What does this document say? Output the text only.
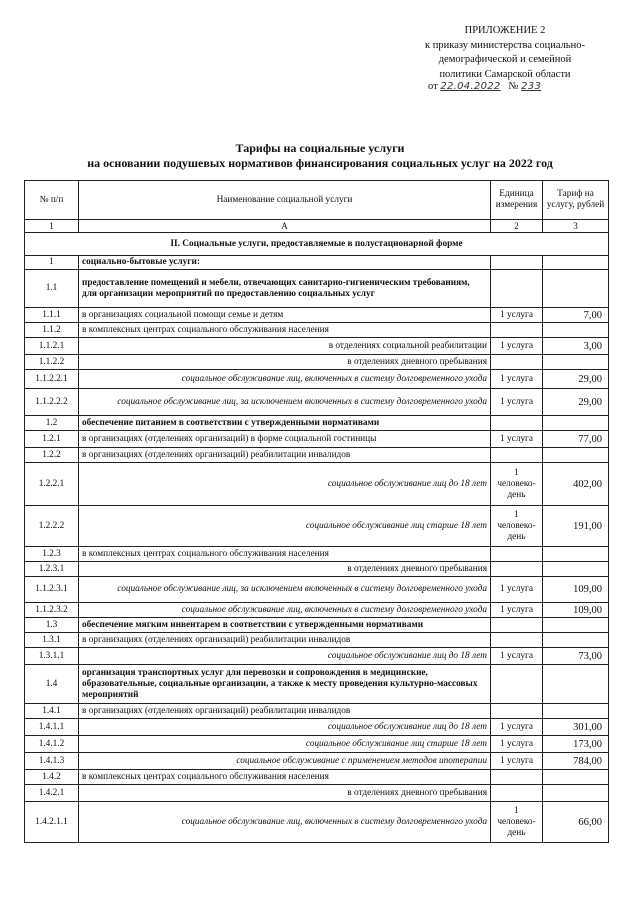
ПРИЛОЖЕНИЕ 2
к приказу министерства социально-
демографической и семейной
политики Самарской области
от 22.04.2022 № 233
Тарифы на социальные услуги
на основании подушевых нормативов финансирования социальных услуг на 2022 год
№ п/п	Наименование социальной услуги	Единица измерения	Тариф на услугу, рублей
1	А	2	3
II. Социальные услуги, предоставляемые в полустационарной форме			
1	социально-бытовые услуги:		
1.1	предоставление помещений и мебели, отвечающих санитарно-гигиеническим требованиям, для организации мероприятий по предоставлению социальных услуг		
1.1.1	в организациях социальной помощи семье и детям	1 услуга	7,00
1.1.2	в комплексных центрах социального обслуживания населения		
1.1.2.1	в отделениях социальной реабилитации	1 услуга	3,00
1.1.2.2	в отделениях дневного пребывания		
1.1.2.2.1	социальное обслуживание лиц, включенных в систему долговременного ухода	1 услуга	29,00
1.1.2.2.2	социальное обслуживание лиц, за исключением включенных в систему долговременного ухода	1 услуга	29,00
1.2	обеспечение питанием в соответствии с утвержденными нормативами		
1.2.1	в организациях (отделениях организаций) в форме социальной гостиницы	1 услуга	77,00
1.2.2	в организациях (отделениях организаций) реабилитации инвалидов		
1.2.2.1	социальное обслуживание лиц до 18 лет	1 человеко-день	402,00
1.2.2.2	социальное обслуживание лиц старше 18 лет	1 человеко-день	191,00
1.2.3	в комплексных центрах социального обслуживания населения		
1.2.3.1	в отделениях дневного пребывания		
1.1.2.3.1	социальное обслуживание лиц, за исключением включенных в систему долговременного ухода	1 услуга	109,00
1.1.2.3.2	социальное обслуживание лиц, включенных в систему долговременного ухода	1 услуга	109,00
1.3	обеспечение мягким инвентарем в соответствии с утвержденными нормативами		
1.3.1	в организациях (отделениях организаций) реабилитации инвалидов		
1.3.1.1	социальное обслуживание лиц до 18 лет	1 услуга	73,00
1.4	организация транспортных услуг для перевозки и сопровождения в медицинские, образовательные, социальные организации, а также к месту проведения культурно-массовых мероприятий		
1.4.1	в организациях (отделениях организаций) реабилитации инвалидов		
1.4.1.1	социальное обслуживание лиц до 18 лет	1 услуга	301,00
1.4.1.2	социальное обслуживание лиц старше 18 лет	1 услуга	173,00
1.4.1.3	социальное обслуживание с применением методов ипотерапии	1 услуга	784,00
1.4.2	в комплексных центрах социального обслуживания населения		
1.4.2.1	в отделениях дневного пребывания		
1.4.2.1.1	социальное обслуживание лиц, включенных в систему долговременного ухода	1 человеко-день	66,00
